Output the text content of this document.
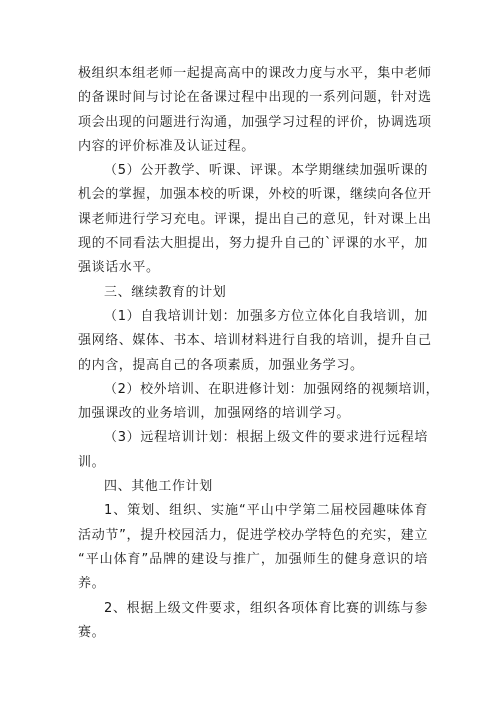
极组织本组老师一起提高高中的课改力度与水平，集中老师
的备课时间与讨论在备课过程中出现的一系列问题，针对选
项会出现的问题进行沟通，加强学习过程的评价，协调选项
内容的评价标准及认证过程。
（5）公开教学、听课、评课。本学期继续加强听课的
机会的掌握，加强本校的听课，外校的听课，继续向各位开
课老师进行学习充电。评课，提出自己的意见，针对课上出
现的不同看法大胆提出，努力提升自己的`评课的水平，加
强谈话水平。
三、继续教育的计划
（1）自我培训计划：加强多方位立体化自我培训，加
强网络、媒体、书本、培训材料进行自我的培训，提升自己
的内含，提高自己的各项素质，加强业务学习。
（2）校外培训、在职进修计划：加强网络的视频培训，
加强课改的业务培训，加强网络的培训学习。
（3）远程培训计划：根据上级文件的要求进行远程培
训。
四、其他工作计划
1、策划、组织、实施“平山中学第二届校园趣味体育
活动节”，提升校园活力，促进学校办学特色的充实，建立
“平山体育”品牌的建设与推广，加强师生的健身意识的培
养。
2、根据上级文件要求，组织各项体育比赛的训练与参
赛。
